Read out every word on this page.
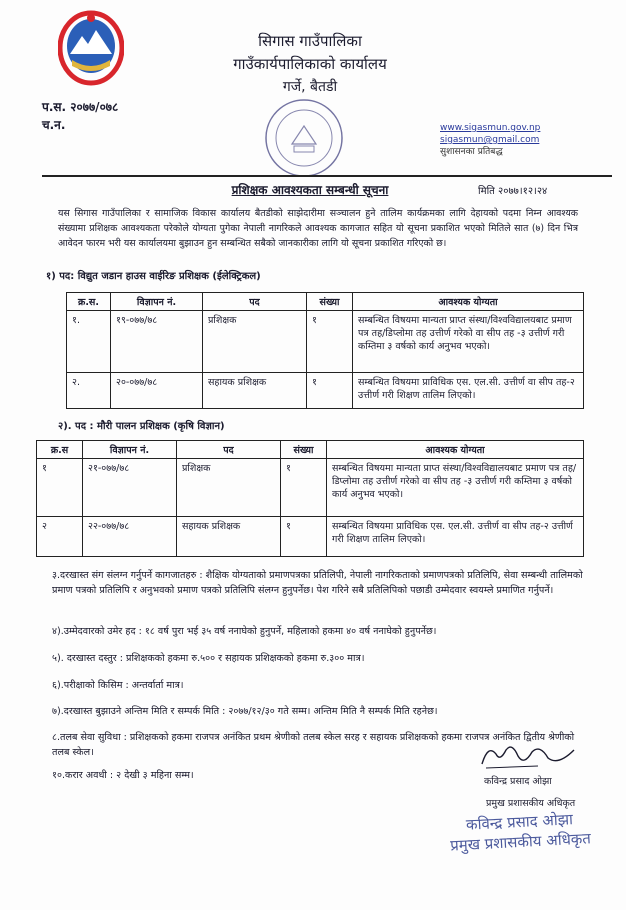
सिगास गाउँपालिका
गाउँकार्यपालिकाको कार्यालय
गर्जे, बैतडी
प.स. २०७७/०७८
च.न.	www.sigasmun.gov.np
sigasmun@gmail.com
सुशासनका प्रतिबद्ध
प्रशिक्षक आवश्यकता सम्बन्धी सूचना	मिति २०७७।१२।२४
यस सिगास गाउँपालिका र सामाजिक विकास कार्यालय बैतडीको साझेदारीमा सञ्चालन हुने तालिम कार्यक्रमका लागि देहायको पदमा निम्न आवश्यक संख्यामा प्रशिक्षक आवश्यकता परेकोले योग्यता पुगेका नेपाली नागरिकले आवश्यक कागजात सहित यो सूचना प्रकाशित भएको मितिले सात (७) दिन भित्र आवेदन फारम भरी यस कार्यालयमा बुझाउन हुन सम्बन्धित सबैको जानकारीका लागि यो सूचना प्रकाशित गरिएको छ।
१) पद: विद्युत जडान हाउस वाईरिङ प्रशिक्षक (ईलेक्ट्रिकल)
क्र.स.	विज्ञापन नं.	पद	संख्या	आवश्यक योग्यता
१.	१९-०७७/७८	प्रशिक्षक	१	सम्बन्धित विषयमा मान्यता प्राप्त संस्था/विश्वविद्यालयबाट प्रमाण पत्र तह/डिप्लोमा तह उत्तीर्ण गरेको वा सीप तह -३ उत्तीर्ण गरी कम्तिमा ३ वर्षको कार्य अनुभव भएको।
२.	२०-०७७/७८	सहायक प्रशिक्षक	१	सम्बन्धित विषयमा प्राविधिक एस. एल.सी. उत्तीर्ण वा सीप तह-२ उत्तीर्ण गरी शिक्षण तालिम लिएको।
२). पद : मौरी पालन प्रशिक्षक (कृषि विज्ञान)
क्र.स	विज्ञापन नं.	पद	संख्या	आवश्यक योग्यता
१	२१-०७७/७८	प्रशिक्षक	१	सम्बन्धित विषयमा मान्यता प्राप्त संस्था/विश्वविद्यालयबाट प्रमाण पत्र तह/डिप्लोमा तह उत्तीर्ण गरेको वा सीप तह -३ उत्तीर्ण गरी कम्तिमा ३ वर्षको कार्य अनुभव भएको।
२	२२-०७७/७८	सहायक प्रशिक्षक	१	सम्बन्धित विषयमा प्राविधिक एस. एल.सी. उत्तीर्ण वा सीप तह-२ उत्तीर्ण गरी शिक्षण तालिम लिएको।
३.दरखास्त संग संलग्न गर्नुपर्ने कागजातहरु : शैक्षिक योग्यताको प्रमाणपत्रका प्रतिलिपी, नेपाली नागरिकताको प्रमाणपत्रको प्रतिलिपि, सेवा सम्बन्धी तालिमको प्रमाण पत्रको प्रतिलिपि र अनुभवको प्रमाण पत्रको प्रतिलिपि संलग्न हुनुपर्नेछ। पेश गरिने सबै प्रतिलिपिको पछाडी उम्मेदवार स्वयम्ले प्रमाणित गर्नुपर्ने।
४).उम्मेदवारको उमेर हद : १८ वर्ष पुरा भई ३५ वर्ष ननाघेको हुनुपर्ने, महिलाको हकमा ४० वर्ष ननाघेको हुनुपर्नेछ।
५). दरखास्त दस्तुर : प्रशिक्षकको हकमा रु.५०० र सहायक प्रशिक्षकको हकमा रु.३०० मात्र।
६).परीक्षाको किसिम : अन्तर्वार्ता मात्र।
७).दरखास्त बुझाउने अन्तिम मिति र सम्पर्क मिति : २०७७/१२/३० गते सम्म। अन्तिम मिति नै सम्पर्क मिति रहनेछ।
८.तलब सेवा सुविधा : प्रशिक्षकको हकमा राजपत्र अनंकित प्रथम श्रेणीको तलब स्केल सरह र सहायक प्रशिक्षकको हकमा राजपत्र अनंकित द्वितीय श्रेणीको तलब स्केल।
१०.करार अवधी : २ देखी ३ महिना सम्म।
कविन्द्र प्रसाद ओझा
प्रमुख प्रशासकीय अधिकृत
कविन्द्र प्रसाद ओझा
प्रमुख प्रशासकीय अधिकृत
